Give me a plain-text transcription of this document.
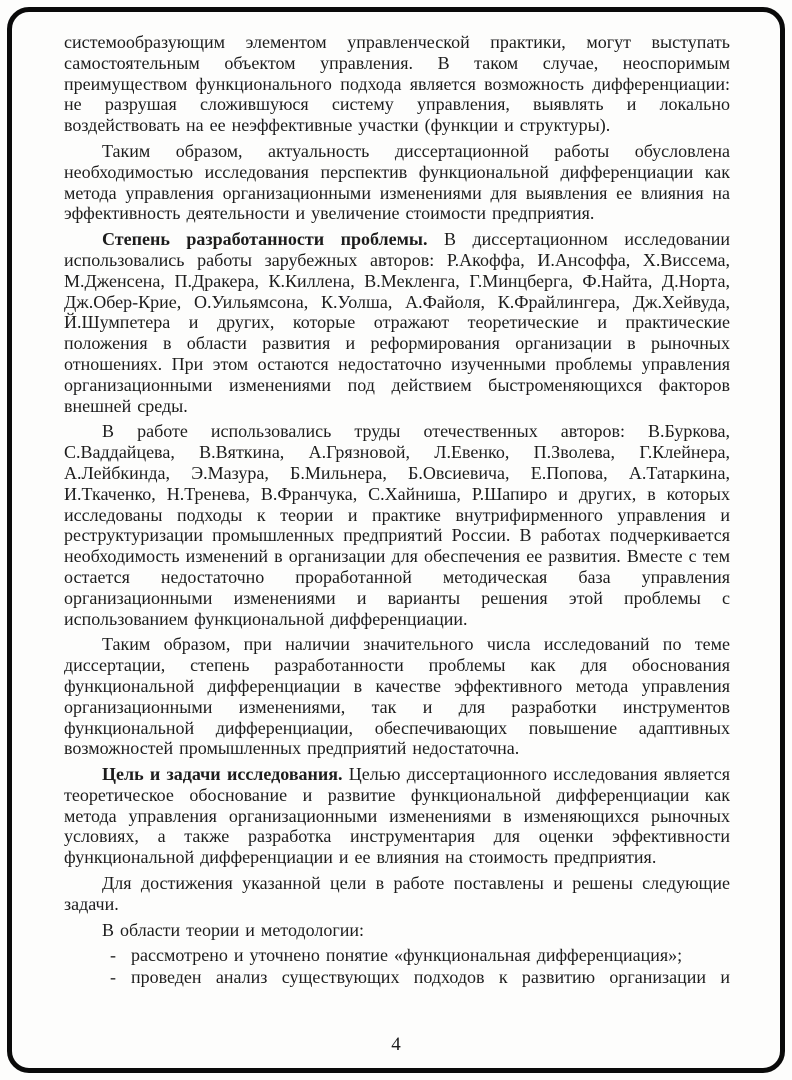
системообразующим элементом управленческой практики, могут выступать самостоятельным объектом управления. В таком случае, неоспоримым преимуществом функционального подхода является возможность дифференциации: не разрушая сложившуюся систему управления, выявлять и локально воздействовать на ее неэффективные участки (функции и структуры).

Таким образом, актуальность диссертационной работы обусловлена необходимостью исследования перспектив функциональной дифференциации как метода управления организационными изменениями для выявления ее влияния на эффективность деятельности и увеличение стоимости предприятия.

Степень разработанности проблемы. В диссертационном исследовании использовались работы зарубежных авторов: Р.Акоффа, И.Ансоффа, Х.Виссема, М.Дженсена, П.Дракера, К.Киллена, В.Мекленга, Г.Минцберга, Ф.Найта, Д.Норта, Дж.Обер-Крие, О.Уильямсона, К.Уолша, А.Файоля, К.Фрайлингера, Дж.Хейвуда, Й.Шумпетера и других, которые отражают теоретические и практические положения в области развития и реформирования организации в рыночных отношениях. При этом остаются недостаточно изученными проблемы управления организационными изменениями под действием быстроменяющихся факторов внешней среды.

В работе использовались труды отечественных авторов: В.Буркова, С.Ваддайцева, В.Вяткина, А.Грязновой, Л.Евенко, П.Зволева, Г.Клейнера, А.Лейбкинда, Э.Мазура, Б.Мильнера, Б.Овсиевича, Е.Попова, А.Татаркина, И.Ткаченко, Н.Тренева, В.Франчука, С.Хайниша, Р.Шапиро и других, в которых исследованы подходы к теории и практике внутрифирменного управления и реструктуризации промышленных предприятий России. В работах подчеркивается необходимость изменений в организации для обеспечения ее развития. Вместе с тем остается недостаточно проработанной методическая база управления организационными изменениями и варианты решения этой проблемы с использованием функциональной дифференциации.

Таким образом, при наличии значительного числа исследований по теме диссертации, степень разработанности проблемы как для обоснования функциональной дифференциации в качестве эффективного метода управления организационными изменениями, так и для разработки инструментов функциональной дифференциации, обеспечивающих повышение адаптивных возможностей промышленных предприятий недостаточна.

Цель и задачи исследования. Целью диссертационного исследования является теоретическое обоснование и развитие функциональной дифференциации как метода управления организационными изменениями в изменяющихся рыночных условиях, а также разработка инструментария для оценки эффективности функциональной дифференциации и ее влияния на стоимость предприятия.

Для достижения указанной цели в работе поставлены и решены следующие задачи.

В области теории и методологии:

- рассмотрено и уточнено понятие «функциональная дифференциация»;

- проведен анализ существующих подходов к развитию организации и

4
